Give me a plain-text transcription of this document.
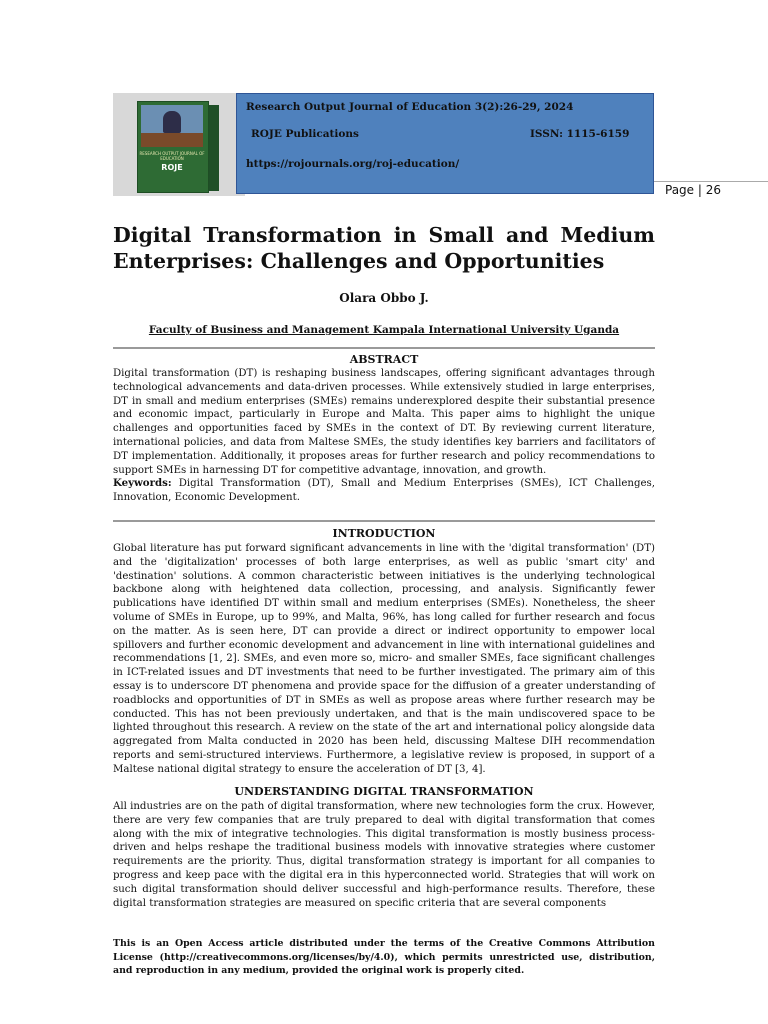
RESEARCH OUTPUT JOURNAL OF EDUCATION
ROJE
Research Output Journal of Education 3(2):26-29, 2024
ROJE Publications	ISSN: 1115-6159
https://rojournals.org/roj-education/
Page | 26
Digital Transformation in Small and Medium Enterprises: Challenges and Opportunities
Olara Obbo J.
Faculty of Business and Management Kampala International University Uganda
ABSTRACT

Digital transformation (DT) is reshaping business landscapes, offering significant advantages through technological advancements and data-driven processes. While extensively studied in large enterprises, DT in small and medium enterprises (SMEs) remains underexplored despite their substantial presence and economic impact, particularly in Europe and Malta. This paper aims to highlight the unique challenges and opportunities faced by SMEs in the context of DT. By reviewing current literature, international policies, and data from Maltese SMEs, the study identifies key barriers and facilitators of DT implementation. Additionally, it proposes areas for further research and policy recommendations to support SMEs in harnessing DT for competitive advantage, innovation, and growth.
Keywords: Digital Transformation (DT), Small and Medium Enterprises (SMEs), ICT Challenges, Innovation, Economic Development.

INTRODUCTION

Global literature has put forward significant advancements in line with the 'digital transformation' (DT) and the 'digitalization' processes of both large enterprises, as well as public 'smart city' and 'destination' solutions. A common characteristic between initiatives is the underlying technological backbone along with heightened data collection, processing, and analysis. Significantly fewer publications have identified DT within small and medium enterprises (SMEs). Nonetheless, the sheer volume of SMEs in Europe, up to 99%, and Malta, 96%, has long called for further research and focus on the matter. As is seen here, DT can provide a direct or indirect opportunity to empower local spillovers and further economic development and advancement in line with international guidelines and recommendations [1, 2]. SMEs, and even more so, micro- and smaller SMEs, face significant challenges in ICT-related issues and DT investments that need to be further investigated. The primary aim of this essay is to underscore DT phenomena and provide space for the diffusion of a greater understanding of roadblocks and opportunities of DT in SMEs as well as propose areas where further research may be conducted. This has not been previously undertaken, and that is the main undiscovered space to be lighted throughout this research. A review on the state of the art and international policy alongside data aggregated from Malta conducted in 2020 has been held, discussing Maltese DIH recommendation reports and semi-structured interviews. Furthermore, a legislative review is proposed, in support of a Maltese national digital strategy to ensure the acceleration of DT [3, 4].

UNDERSTANDING DIGITAL TRANSFORMATION

All industries are on the path of digital transformation, where new technologies form the crux. However, there are very few companies that are truly prepared to deal with digital transformation that comes along with the mix of integrative technologies. This digital transformation is mostly business process-driven and helps reshape the traditional business models with innovative strategies where customer requirements are the priority. Thus, digital transformation strategy is important for all companies to progress and keep pace with the digital era in this hyperconnected world. Strategies that will work on such digital transformation should deliver successful and high-performance results. Therefore, these digital transformation strategies are measured on specific criteria that are several components

This is an Open Access article distributed under the terms of the Creative Commons Attribution License (http://creativecommons.org/licenses/by/4.0), which permits unrestricted use, distribution, and reproduction in any medium, provided the original work is properly cited.
